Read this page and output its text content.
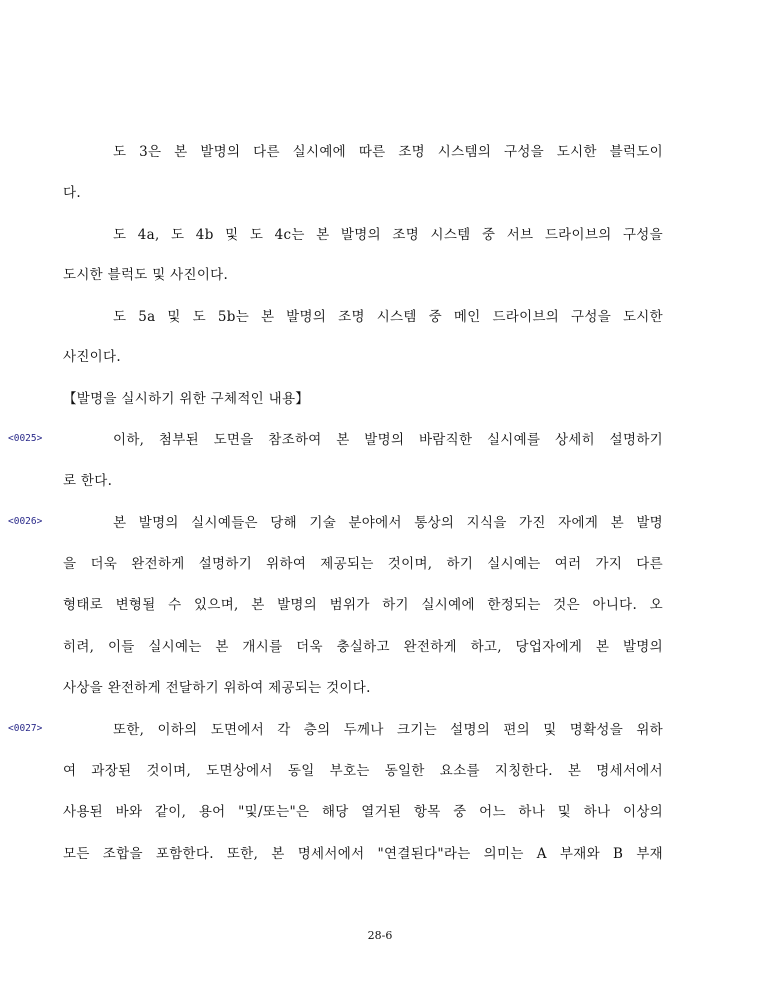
도 3은 본 발명의 다른 실시예에 따른 조명 시스템의 구성을 도시한 블럭도이
다.
도 4a, 도 4b 및 도 4c는 본 발명의 조명 시스템 중 서브 드라이브의 구성을
도시한 블럭도 및 사진이다.
도 5a 및 도 5b는 본 발명의 조명 시스템 중 메인 드라이브의 구성을 도시한
사진이다.
【발명을 실시하기 위한 구체적인 내용】
<0025>	이하, 첨부된 도면을 참조하여 본 발명의 바람직한 실시예를 상세히 설명하기
로 한다.
<0026>	본 발명의 실시예들은 당해 기술 분야에서 통상의 지식을 가진 자에게 본 발명
을 더욱 완전하게 설명하기 위하여 제공되는 것이며, 하기 실시예는 여러 가지 다른
형태로 변형될 수 있으며, 본 발명의 범위가 하기 실시예에 한정되는 것은 아니다. 오
히려, 이들 실시예는 본 개시를 더욱 충실하고 완전하게 하고, 당업자에게 본 발명의
사상을 완전하게 전달하기 위하여 제공되는 것이다.
<0027>	또한, 이하의 도면에서 각 층의 두께나 크기는 설명의 편의 및 명확성을 위하
여 과장된 것이며, 도면상에서 동일 부호는 동일한 요소를 지칭한다. 본 명세서에서
사용된 바와 같이, 용어 "및/또는"은 해당 열거된 항목 중 어느 하나 및 하나 이상의
모든 조합을 포함한다. 또한, 본 명세서에서 "연결된다"라는 의미는 A 부재와 B 부재
28-6
